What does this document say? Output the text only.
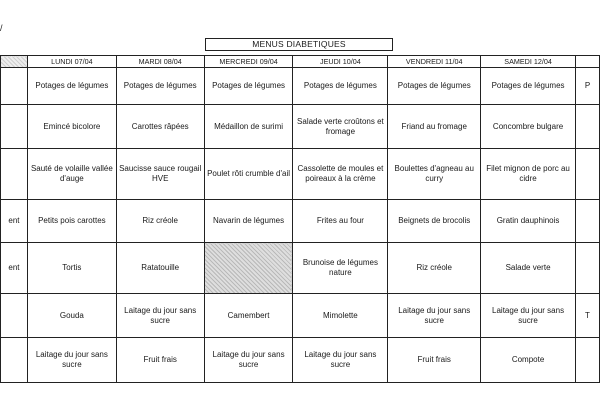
/
MENUS DIABETIQUES
	LUNDI 07/04	MARDI 08/04	MERCREDI 09/04	JEUDI 10/04	VENDREDI 11/04	SAMEDI 12/04	
	Potages de légumes	Potages de légumes	Potages de légumes	Potages de légumes	Potages de légumes	Potages de légumes	P
	Emincé bicolore	Carottes râpées	Médaillon de surimi	Salade verte croûtons et fromage	Friand au fromage	Concombre bulgare	
	Sauté de volaille vallée d'auge	Saucisse sauce rougail HVE	Poulet rôti crumble d'ail	Cassolette de moules et poireaux à la crème	Boulettes d'agneau au curry	Filet mignon de porc au cidre	
ent	Petits pois carottes	Riz créole	Navarin de légumes	Frites au four	Beignets de brocolis	Gratin dauphinois	
ent	Tortis	Ratatouille		Brunoise de légumes nature	Riz créole	Salade verte	
	Gouda	Laitage du jour sans sucre	Camembert	Mimolette	Laitage du jour sans sucre	Laitage du jour sans sucre	T
	Laitage du jour sans sucre	Fruit frais	Laitage du jour sans sucre	Laitage du jour sans sucre	Fruit frais	Compote	
